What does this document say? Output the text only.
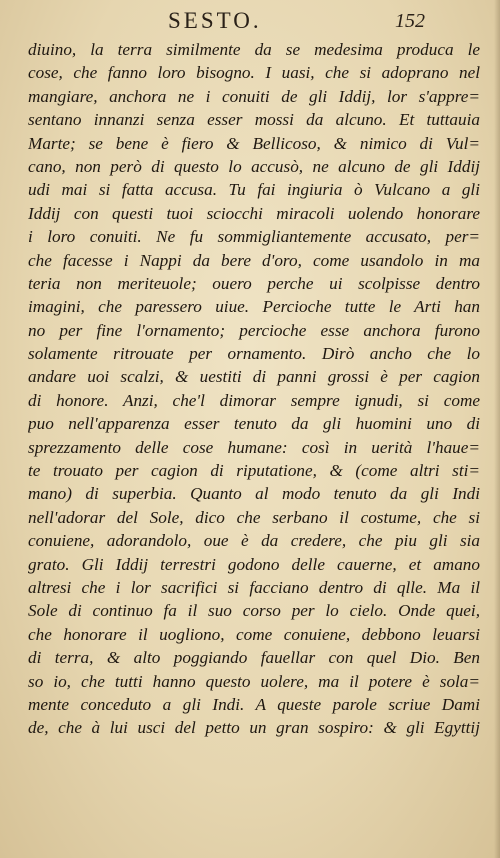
SESTO.	152
diuino, la terra similmente da se medesima produca le
cose, che fanno loro bisogno. I uasi, che si adoprano nel
mangiare, anchora ne i conuiti de gli Iddij, lor s'appre=
sentano innanzi senza esser mossi da alcuno. Et tuttauia
Marte; se bene è fiero & Bellicoso, & nimico di Vul=
cano, non però di questo lo accusò, ne alcuno de gli Iddij
udi mai si fatta accusa. Tu fai ingiuria ò Vulcano a gli
Iddij con questi tuoi sciocchi miracoli uolendo honorare
i loro conuiti. Ne fu sommigliantemente accusato, per=
che facesse i Nappi da bere d'oro, come usandolo in ma
teria non meriteuole; ouero perche ui scolpisse dentro
imagini, che paressero uiue. Percioche tutte le Arti han
no per fine l'ornamento; percioche esse anchora furono
solamente ritrouate per ornamento. Dirò ancho che lo
andare uoi scalzi, & uestiti di panni grossi è per cagion
di honore. Anzi, che'l dimorar sempre ignudi, si come
puo nell'apparenza esser tenuto da gli huomini uno di
sprezzamento delle cose humane: così in uerità l'haue=
te trouato per cagion di riputatione, & (come altri sti=
mano) di superbia. Quanto al modo tenuto da gli Indi
nell'adorar del Sole, dico che serbano il costume, che si
conuiene, adorandolo, oue è da credere, che piu gli sia
grato. Gli Iddij terrestri godono delle cauerne, et amano
altresi che i lor sacrifici si facciano dentro di qlle. Ma il
Sole di continuo fa il suo corso per lo cielo. Onde quei,
che honorare il uogliono, come conuiene, debbono leuarsi
di terra, & alto poggiando fauellar con quel Dio. Ben
so io, che tutti hanno questo uolere, ma il potere è sola=
mente conceduto a gli Indi. A queste parole scriue Dami
de, che à lui usci del petto un gran sospiro: & gli Egyttij
